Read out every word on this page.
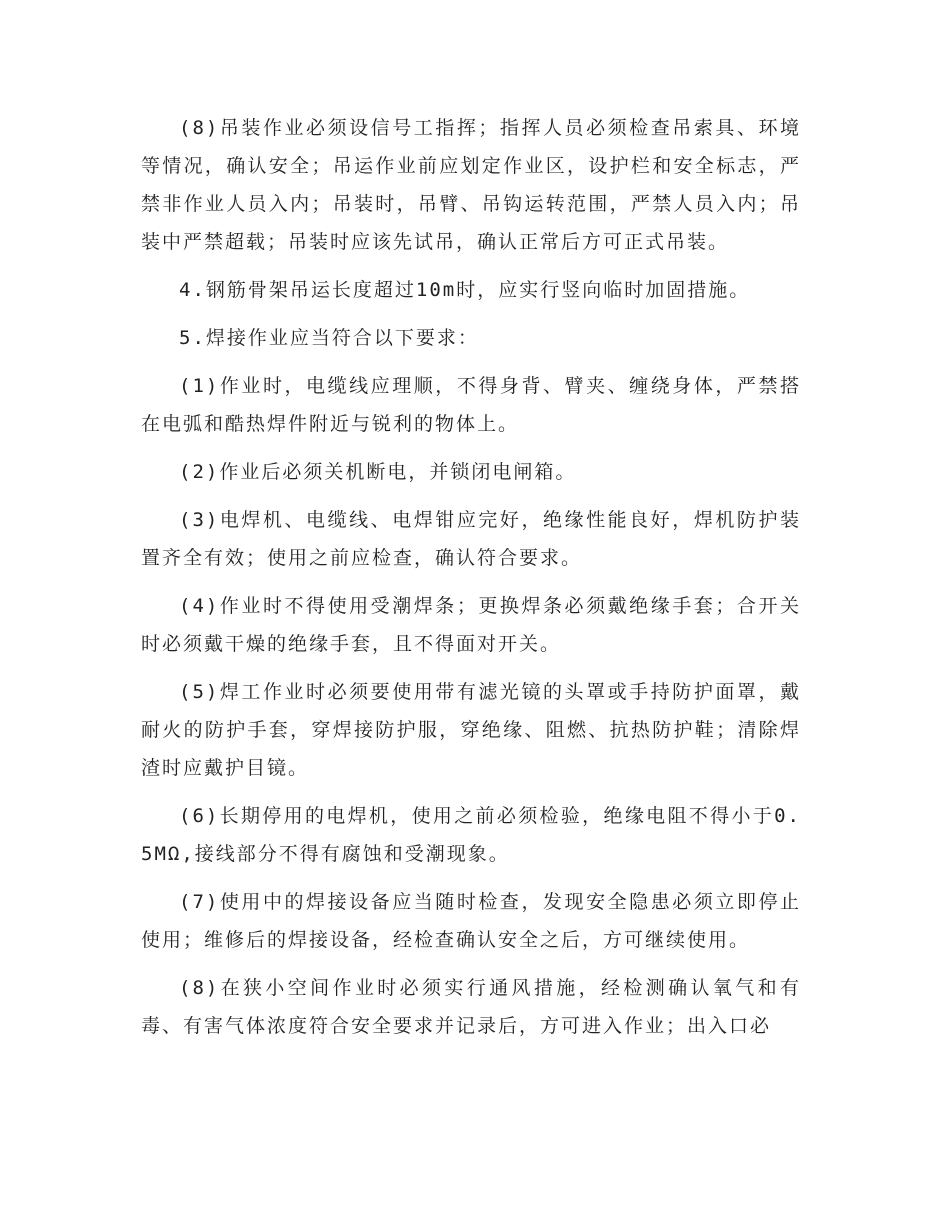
(8)吊装作业必须设信号工指挥；指挥人员必须检查吊索具、环境等情况，确认安全；吊运作业前应划定作业区，设护栏和安全标志，严禁非作业人员入内；吊装时，吊臂、吊钩运转范围，严禁人员入内；吊装中严禁超载；吊装时应该先试吊，确认正常后方可正式吊装。

4.钢筋骨架吊运长度超过10m时，应实行竖向临时加固措施。

5.焊接作业应当符合以下要求：

(1)作业时，电缆线应理顺，不得身背、臂夹、缠绕身体，严禁搭在电弧和酷热焊件附近与锐利的物体上。

(2)作业后必须关机断电，并锁闭电闸箱。

(3)电焊机、电缆线、电焊钳应完好，绝缘性能良好，焊机防护装置齐全有效；使用之前应检查，确认符合要求。

(4)作业时不得使用受潮焊条；更换焊条必须戴绝缘手套；合开关时必须戴干燥的绝缘手套，且不得面对开关。

(5)焊工作业时必须要使用带有滤光镜的头罩或手持防护面罩，戴耐火的防护手套，穿焊接防护服，穿绝缘、阻燃、抗热防护鞋；清除焊渣时应戴护目镜。

(6)长期停用的电焊机，使用之前必须检验，绝缘电阻不得小于0.5MΩ,接线部分不得有腐蚀和受潮现象。

(7)使用中的焊接设备应当随时检查，发现安全隐患必须立即停止使用；维修后的焊接设备，经检查确认安全之后，方可继续使用。

(8)在狭小空间作业时必须实行通风措施，经检测确认氧气和有毒、有害气体浓度符合安全要求并记录后，方可进入作业；出入口必
